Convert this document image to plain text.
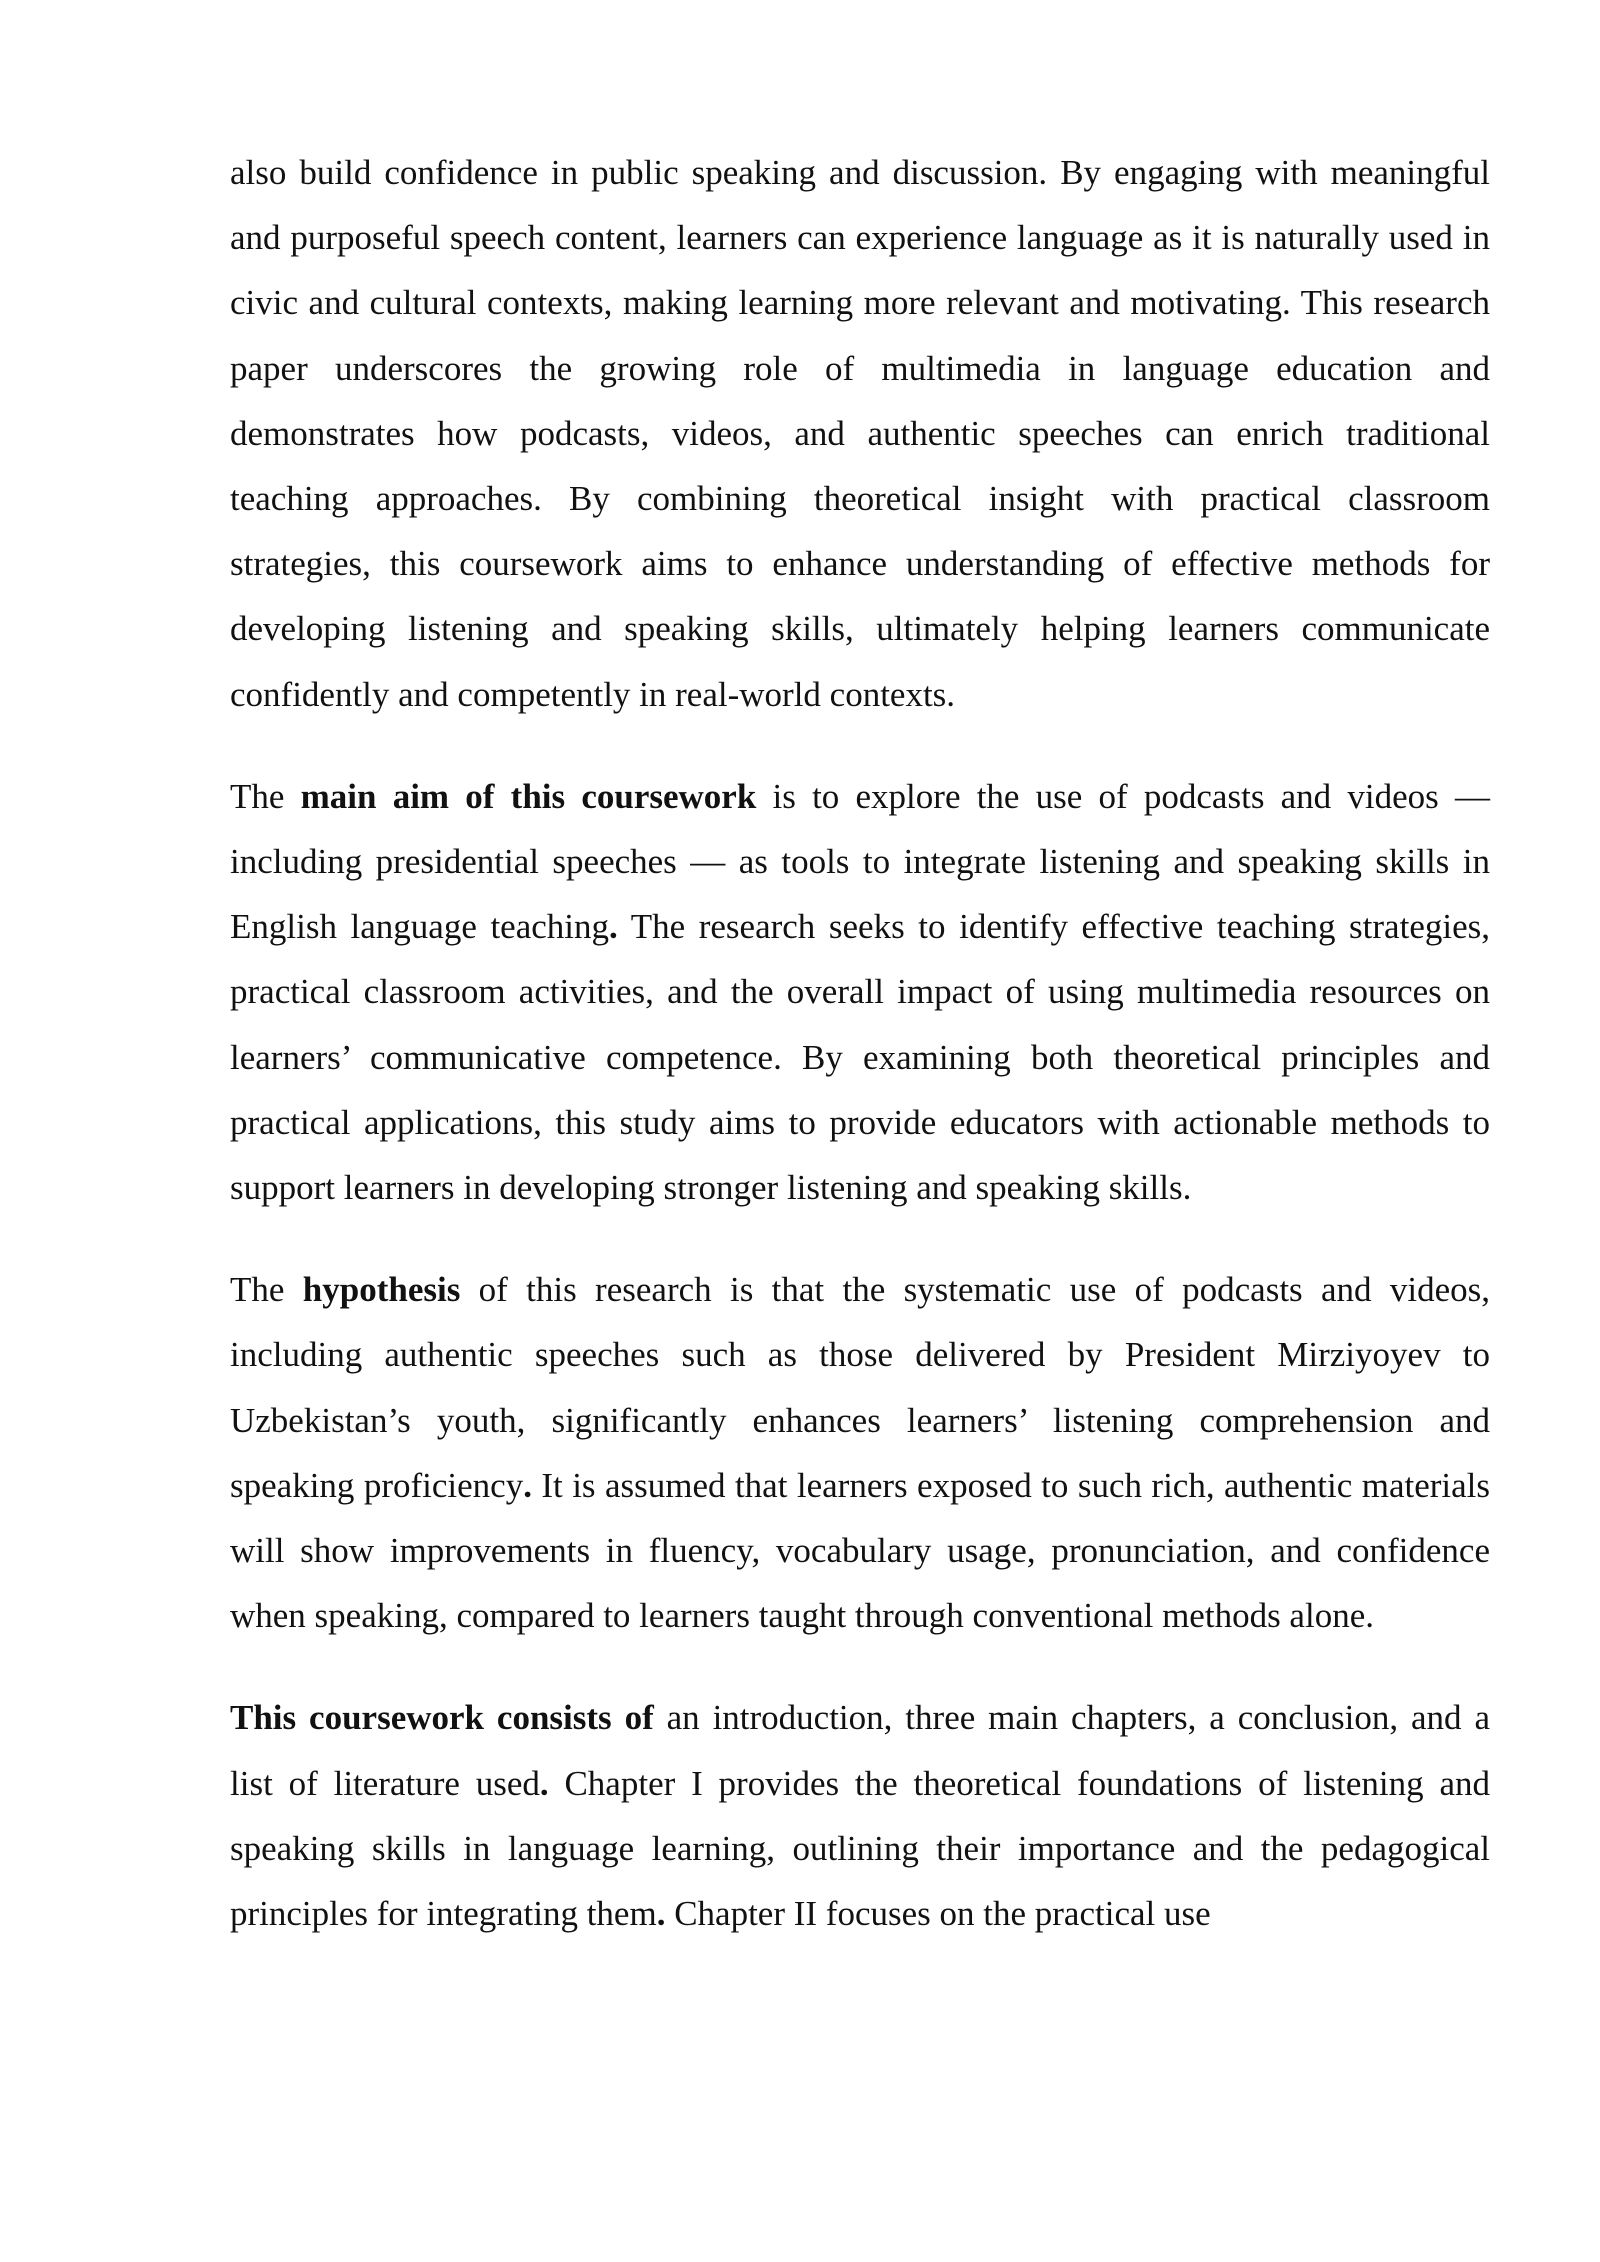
also build confidence in public speaking and discussion. By engaging with meaningful and purposeful speech content, learners can experience language as it is naturally used in civic and cultural contexts, making learning more relevant and motivating. This research paper underscores the growing role of multimedia in language education and demonstrates how podcasts, videos, and authentic speeches can enrich traditional teaching approaches. By combining theoretical insight with practical classroom strategies, this coursework aims to enhance understanding of effective methods for developing listening and speaking skills, ultimately helping learners communicate confidently and competently in real-world contexts.

The main aim of this coursework is to explore the use of podcasts and videos — including presidential speeches — as tools to integrate listening and speaking skills in English language teaching. The research seeks to identify effective teaching strategies, practical classroom activities, and the overall impact of using multimedia resources on learners’ communicative competence. By examining both theoretical principles and practical applications, this study aims to provide educators with actionable methods to support learners in developing stronger listening and speaking skills.

The hypothesis of this research is that the systematic use of podcasts and videos, including authentic speeches such as those delivered by President Mirziyoyev to Uzbekistan’s youth, significantly enhances learners’ listening comprehension and speaking proficiency. It is assumed that learners exposed to such rich, authentic materials will show improvements in fluency, vocabulary usage, pronunciation, and confidence when speaking, compared to learners taught through conventional methods alone.

This coursework consists of an introduction, three main chapters, a conclusion, and a list of literature used. Chapter I provides the theoretical foundations of listening and speaking skills in language learning, outlining their importance and the pedagogical principles for integrating them. Chapter II focuses on the practical use
